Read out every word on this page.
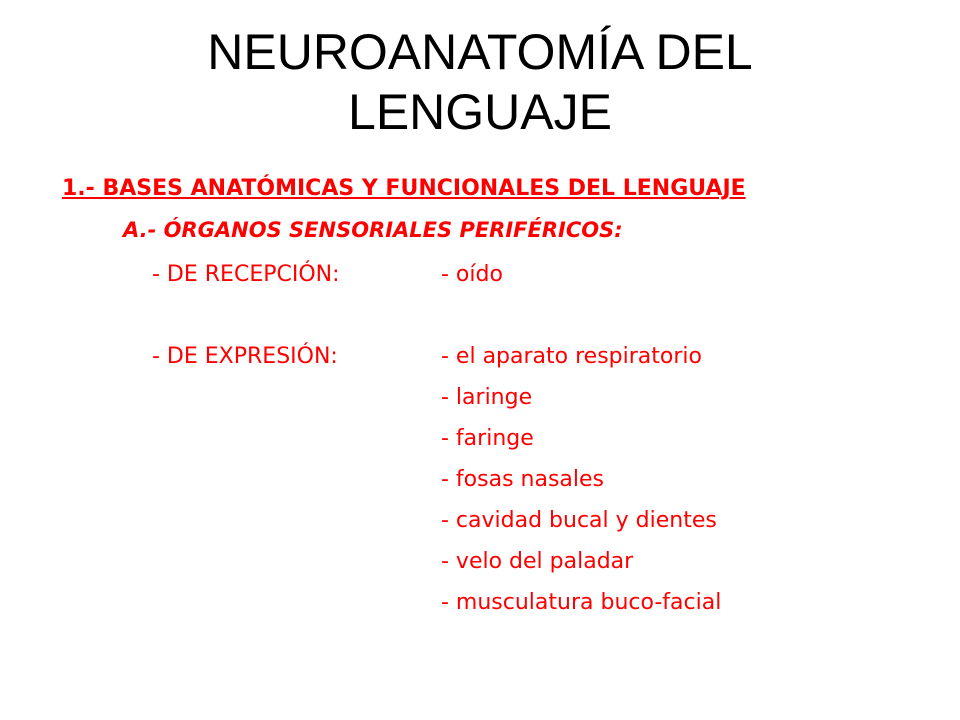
NEUROANATOMÍA DEL
LENGUAJE
1.- BASES ANATÓMICAS Y FUNCIONALES DEL LENGUAJE
A.- ÓRGANOS SENSORIALES PERIFÉRICOS:
- DE RECEPCIÓN:	- oído
- DE EXPRESIÓN:	- el aparato respiratorio
- laringe
- faringe
- fosas nasales
- cavidad bucal y dientes
- velo del paladar
- musculatura buco-facial
